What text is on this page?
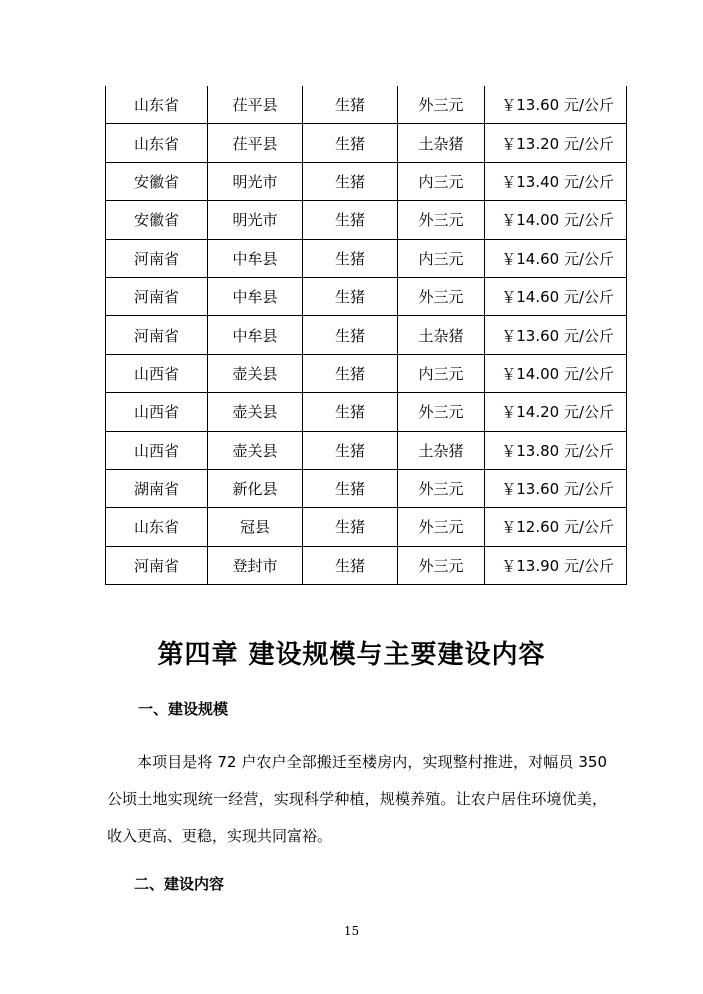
山东省	茌平县	生猪	外三元	￥13.60 元/公斤
山东省	茌平县	生猪	土杂猪	￥13.20 元/公斤
安徽省	明光市	生猪	内三元	￥13.40 元/公斤
安徽省	明光市	生猪	外三元	￥14.00 元/公斤
河南省	中牟县	生猪	内三元	￥14.60 元/公斤
河南省	中牟县	生猪	外三元	￥14.60 元/公斤
河南省	中牟县	生猪	土杂猪	￥13.60 元/公斤
山西省	壶关县	生猪	内三元	￥14.00 元/公斤
山西省	壶关县	生猪	外三元	￥14.20 元/公斤
山西省	壶关县	生猪	土杂猪	￥13.80 元/公斤
湖南省	新化县	生猪	外三元	￥13.60 元/公斤
山东省	冠县	生猪	外三元	￥12.60 元/公斤
河南省	登封市	生猪	外三元	￥13.90 元/公斤
第四章 建设规模与主要建设内容
一、建设规模

本项目是将 72 户农户全部搬迁至楼房内，实现整村推进，对幅员 350 公顷土地实现统一经营，实现科学种植，规模养殖。让农户居住环境优美，收入更高、更稳，实现共同富裕。

二、建设内容
15
